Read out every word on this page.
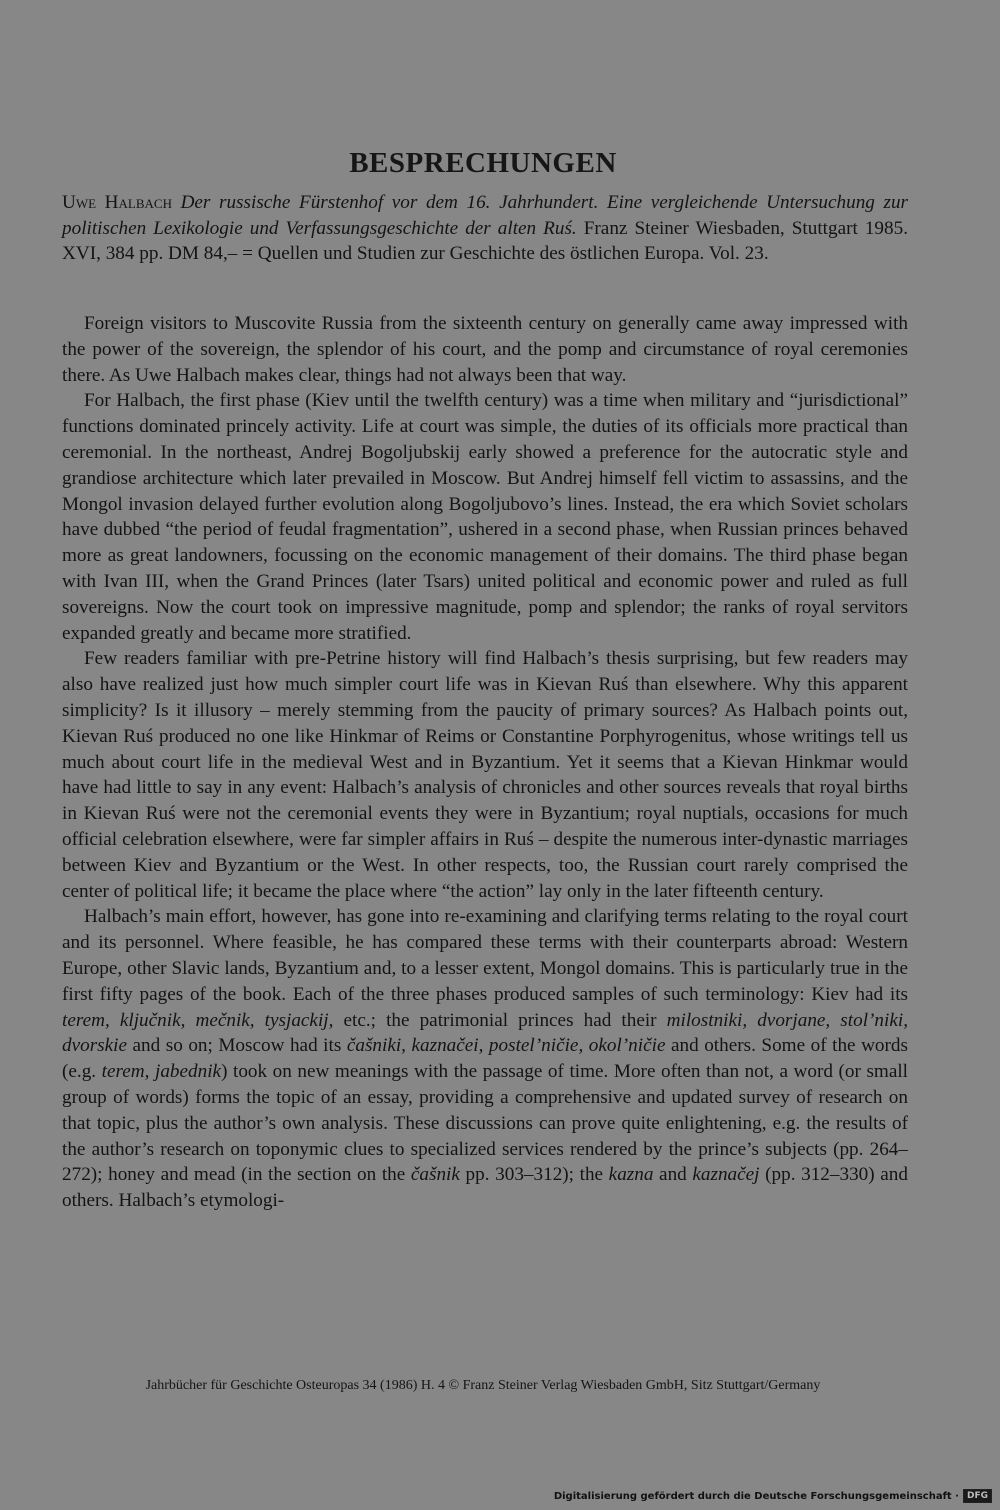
BESPRECHUNGEN
Uwe Halbach Der russische Fürstenhof vor dem 16. Jahrhundert. Eine vergleichende Untersuchung zur politischen Lexikologie und Verfassungsgeschichte der alten Ruś. Franz Steiner Wiesbaden, Stuttgart 1985. XVI, 384 pp. DM 84,– = Quellen und Studien zur Geschichte des östlichen Europa. Vol. 23.

Foreign visitors to Muscovite Russia from the sixteenth century on generally came away impressed with the power of the sovereign, the splendor of his court, and the pomp and circumstance of royal ceremonies there. As Uwe Halbach makes clear, things had not always been that way.

For Halbach, the first phase (Kiev until the twelfth century) was a time when military and “jurisdictional” functions dominated princely activity. Life at court was simple, the duties of its officials more practical than ceremonial. In the northeast, Andrej Bogoljubskij early showed a preference for the autocratic style and grandiose architecture which later prevailed in Moscow. But Andrej himself fell victim to assassins, and the Mongol invasion delayed further evolution along Bogoljubovo’s lines. Instead, the era which Soviet scholars have dubbed “the period of feudal fragmentation”, ushered in a second phase, when Russian princes behaved more as great landowners, focussing on the economic management of their domains. The third phase began with Ivan III, when the Grand Princes (later Tsars) united political and economic power and ruled as full sovereigns. Now the court took on impressive magnitude, pomp and splendor; the ranks of royal servitors expanded greatly and became more stratified.

Few readers familiar with pre-Petrine history will find Halbach’s thesis surprising, but few readers may also have realized just how much simpler court life was in Kievan Ruś than elsewhere. Why this apparent simplicity? Is it illusory – merely stemming from the paucity of primary sources? As Halbach points out, Kievan Ruś produced no one like Hinkmar of Reims or Constantine Porphyrogenitus, whose writings tell us much about court life in the medieval West and in Byzantium. Yet it seems that a Kievan Hinkmar would have had little to say in any event: Halbach’s analysis of chronicles and other sources reveals that royal births in Kievan Ruś were not the ceremonial events they were in Byzantium; royal nuptials, occasions for much official celebration elsewhere, were far simpler affairs in Ruś – despite the numerous inter-dynastic marriages between Kiev and Byzantium or the West. In other respects, too, the Russian court rarely comprised the center of political life; it became the place where “the action” lay only in the later fifteenth century.

Halbach’s main effort, however, has gone into re-examining and clarifying terms relating to the royal court and its personnel. Where feasible, he has compared these terms with their counterparts abroad: Western Europe, other Slavic lands, Byzantium and, to a lesser extent, Mongol domains. This is particularly true in the first fifty pages of the book. Each of the three phases produced samples of such terminology: Kiev had its terem, ključnik, mečnik, tysjackij, etc.; the patrimonial princes had their milostniki, dvorjane, stol’niki, dvorskie and so on; Moscow had its čašniki, kaznačei, postel’ničie, okol’ničie and others. Some of the words (e.g. terem, jabednik) took on new meanings with the passage of time. More often than not, a word (or small group of words) forms the topic of an essay, providing a comprehensive and updated survey of research on that topic, plus the author’s own analysis. These discussions can prove quite enlightening, e.g. the results of the author’s research on toponymic clues to specialized services rendered by the prince’s subjects (pp. 264–272); honey and mead (in the section on the čašnik pp. 303–312); the kazna and kaznačej (pp. 312–330) and others. Halbach’s etymologi-

Jahrbücher für Geschichte Osteuropas 34 (1986) H. 4 © Franz Steiner Verlag Wiesbaden GmbH, Sitz Stuttgart/Germany
Digitalisierung gefördert durch die Deutsche Forschungsgemeinschaft · DFG
